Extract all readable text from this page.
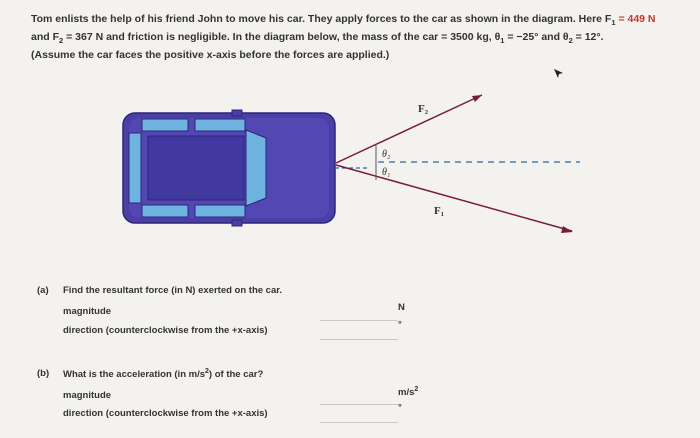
Tom enlists the help of his friend John to move his car. They apply forces to the car as shown in the diagram. Here $F_1 = 449$ N
and $F_2 = 367$ N and friction is negligible. In the diagram below, the mass of the car = 3500 kg, $\theta_1 = -25^\circ$ and $\theta_2 = 12^\circ$.
(Assume the car faces the positive x-axis before the forces are applied.)
θ₂
θ₁
F₂
F₁
(a) Find the resultant force (in N) exerted on the car.
magnitude	N
direction (counterclockwise from the +x-axis)
°
(b) What is the acceleration (in $m/s^2$) of the car?
magnitude	$m/s^2$
direction (counterclockwise from the +x-axis)
°
